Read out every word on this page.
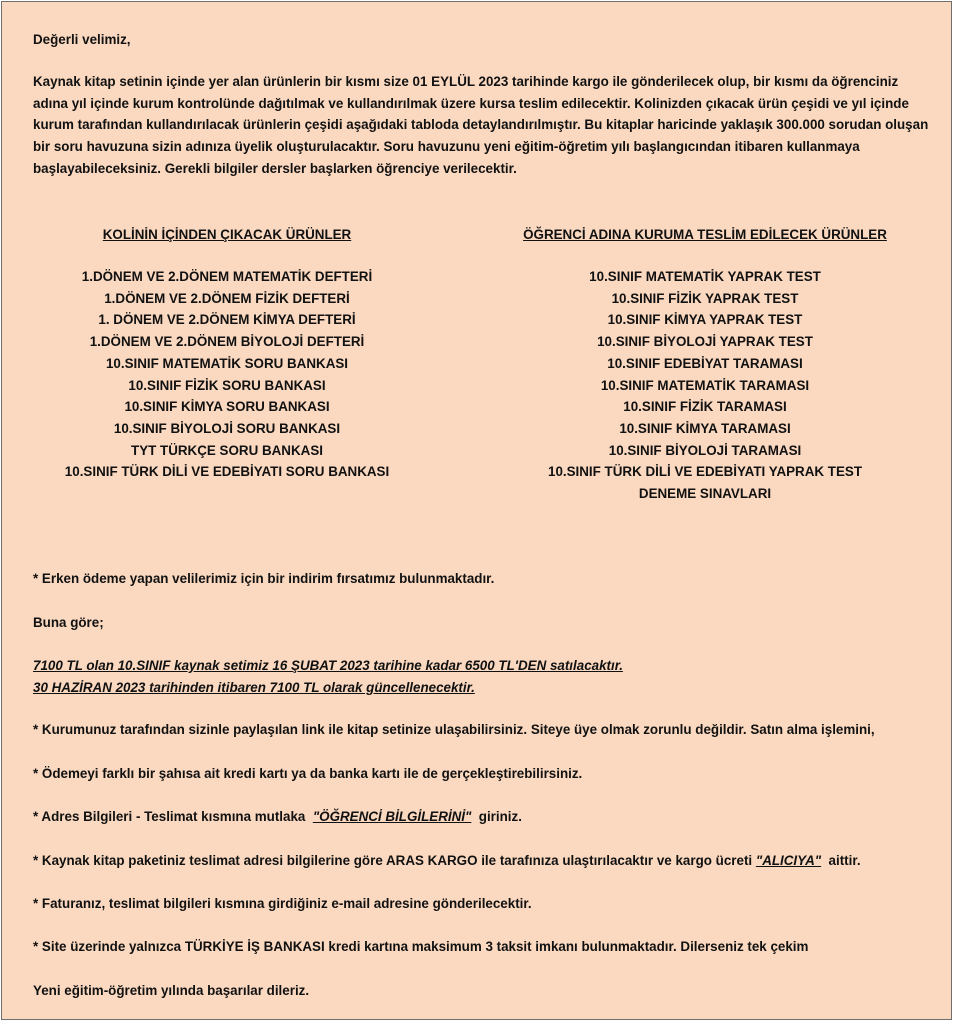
Değerli velimiz,
Kaynak kitap setinin içinde yer alan ürünlerin bir kısmı size 01 EYLÜL 2023 tarihinde kargo ile gönderilecek olup, bir kısmı da öğrenciniz adına yıl içinde kurum kontrolünde dağıtılmak ve kullandırılmak üzere kursa teslim edilecektir. Kolinizden çıkacak ürün çeşidi ve yıl içinde kurum tarafından kullandırılacak ürünlerin çeşidi aşağıdaki tabloda detaylandırılmıştır. Bu kitaplar haricinde yaklaşık 300.000 sorudan oluşan bir soru havuzuna sizin adınıza üyelik oluşturulacaktır. Soru havuzunu yeni eğitim-öğretim yılı başlangıcından itibaren kullanmaya başlayabileceksiniz. Gerekli bilgiler dersler başlarken öğrenciye verilecektir.
KOLİNİN İÇİNDEN ÇIKACAK ÜRÜNLER
1.DÖNEM VE 2.DÖNEM MATEMATİK DEFTERİ
1.DÖNEM VE 2.DÖNEM FİZİK DEFTERİ
1. DÖNEM VE 2.DÖNEM KİMYA DEFTERİ
1.DÖNEM VE 2.DÖNEM BİYOLOJİ DEFTERİ
10.SINIF MATEMATİK SORU BANKASI
10.SINIF FİZİK SORU BANKASI
10.SINIF KİMYA SORU BANKASI
10.SINIF BİYOLOJİ SORU BANKASI
TYT TÜRKÇE SORU BANKASI
10.SINIF TÜRK DİLİ VE EDEBİYATI SORU BANKASI
ÖĞRENCİ ADINA KURUMA TESLİM EDİLECEK ÜRÜNLER
10.SINIF MATEMATİK YAPRAK TEST
10.SINIF FİZİK YAPRAK TEST
10.SINIF KİMYA YAPRAK TEST
10.SINIF BİYOLOJİ YAPRAK TEST
10.SINIF EDEBİYAT TARAMASI
10.SINIF MATEMATİK TARAMASI
10.SINIF FİZİK TARAMASI
10.SINIF KİMYA TARAMASI
10.SINIF BİYOLOJİ TARAMASI
10.SINIF TÜRK DİLİ VE EDEBİYATI YAPRAK TEST
DENEME SINAVLARI
* Erken ödeme yapan velilerimiz için bir indirim fırsatımız bulunmaktadır.
Buna göre;
7100 TL olan 10.SINIF kaynak setimiz 16 ŞUBAT 2023 tarihine kadar 6500 TL'DEN satılacaktır.
30 HAZİRAN 2023 tarihinden itibaren 7100 TL olarak güncellenecektir.
* Kurumunuz tarafından sizinle paylaşılan link ile kitap setinize ulaşabilirsiniz. Siteye üye olmak zorunlu değildir. Satın alma işlemini,
* Ödemeyi farklı bir şahısa ait kredi kartı ya da banka kartı ile de gerçekleştirebilirsiniz.
* Adres Bilgileri - Teslimat kısmına mutlaka  "ÖĞRENCİ BİLGİLERİNİ"  giriniz.
* Kaynak kitap paketiniz teslimat adresi bilgilerine göre ARAS KARGO ile tarafınıza ulaştırılacaktır ve kargo ücreti "ALICIYA"  aittir.
* Faturanız, teslimat bilgileri kısmına girdiğiniz e-mail adresine gönderilecektir.
* Site üzerinde yalnızca TÜRKİYE İŞ BANKASI kredi kartına maksimum 3 taksit imkanı bulunmaktadır. Dilerseniz tek çekim
Yeni eğitim-öğretim yılında başarılar dileriz.
